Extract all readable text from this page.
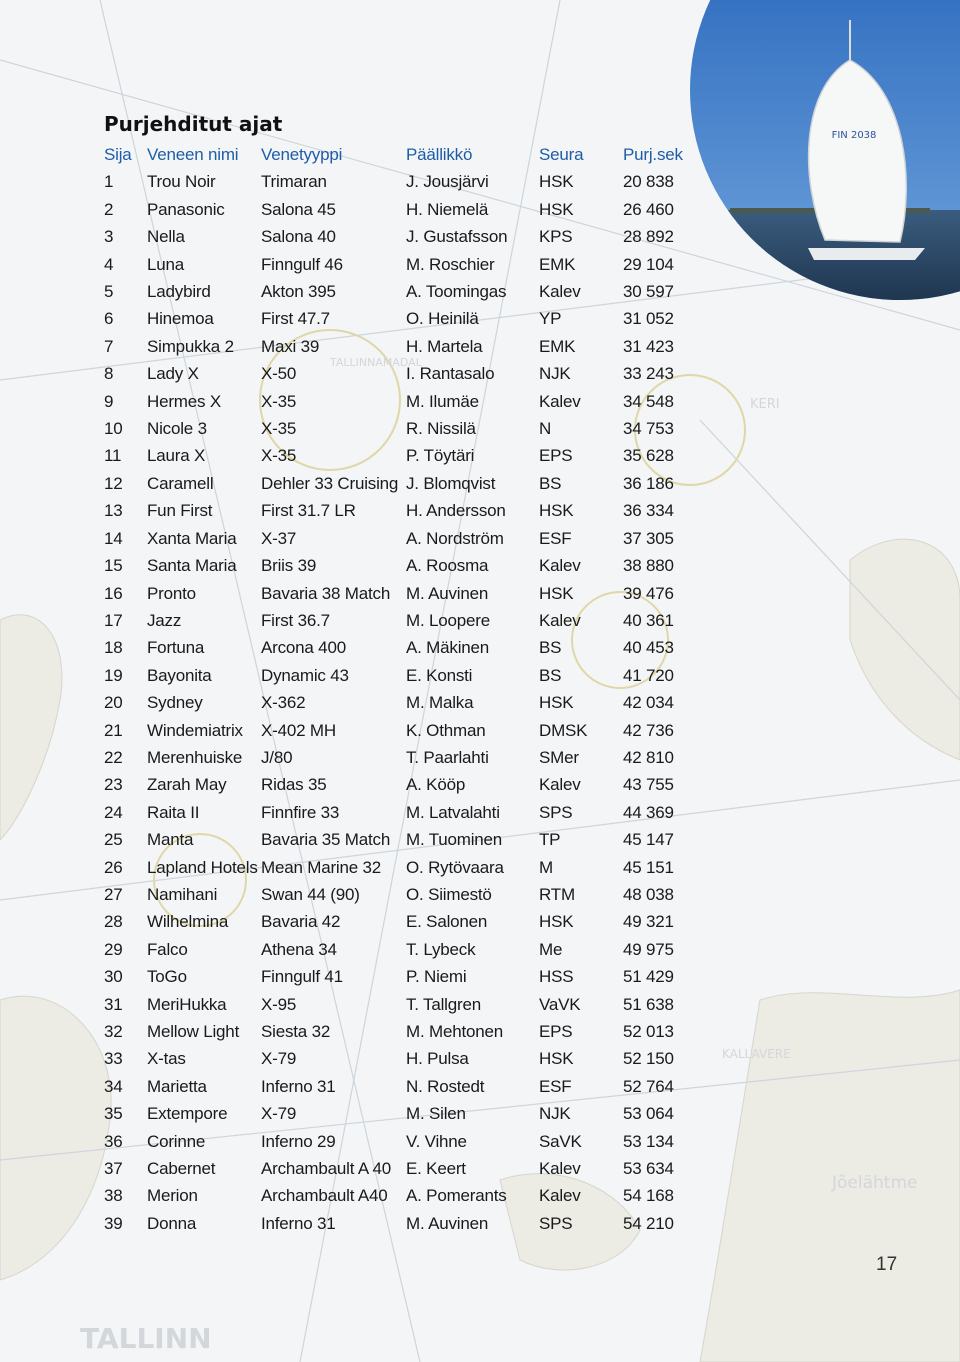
TALLINN
KERI
Jõelähtme
KALLAVERE
TALLINNAMADAL
FIN 2038
Purjehditut ajat
Sija	Veneen nimi	Venetyyppi	Päällikkö	Seura	Purj.sek
1	Trou Noir	Trimaran	J. Jousjärvi	HSK	20 838
2	Panasonic	Salona 45	H. Niemelä	HSK	26 460
3	Nella	Salona 40	J. Gustafsson	KPS	28 892
4	Luna	Finngulf 46	M. Roschier	EMK	29 104
5	Ladybird	Akton 395	A. Toomingas	Kalev	30 597
6	Hinemoa	First 47.7	O. Heinilä	YP	31 052
7	Simpukka 2	Maxi 39	H. Martela	EMK	31 423
8	Lady X	X-50	I. Rantasalo	NJK	33 243
9	Hermes X	X-35	M. Ilumäe	Kalev	34 548
10	Nicole 3	X-35	R. Nissilä	N	34 753
11	Laura X	X-35	P. Töytäri	EPS	35 628
12	Caramell	Dehler 33 Cruising	J. Blomqvist	BS	36 186
13	Fun First	First 31.7 LR	H. Andersson	HSK	36 334
14	Xanta Maria	X-37	A. Nordström	ESF	37 305
15	Santa Maria	Briis 39	A. Roosma	Kalev	38 880
16	Pronto	Bavaria 38 Match	M. Auvinen	HSK	39 476
17	Jazz	First 36.7	M. Loopere	Kalev	40 361
18	Fortuna	Arcona 400	A. Mäkinen	BS	40 453
19	Bayonita	Dynamic 43	E. Konsti	BS	41 720
20	Sydney	X-362	M. Malka	HSK	42 034
21	Windemiatrix	X-402 MH	K. Othman	DMSK	42 736
22	Merenhuiske	J/80	T. Paarlahti	SMer	42 810
23	Zarah May	Ridas 35	A. Kööp	Kalev	43 755
24	Raita II	Finnfire 33	M. Latvalahti	SPS	44 369
25	Manta	Bavaria 35 Match	M. Tuominen	TP	45 147
26	Lapland Hotels	Mean Marine 32	O. Rytövaara	M	45 151
27	Namihani	Swan 44 (90)	O. Siimestö	RTM	48 038
28	Wilhelmina	Bavaria 42	E. Salonen	HSK	49 321
29	Falco	Athena 34	T. Lybeck	Me	49 975
30	ToGo	Finngulf 41	P. Niemi	HSS	51 429
31	MeriHukka	X-95	T. Tallgren	VaVK	51 638
32	Mellow Light	Siesta 32	M. Mehtonen	EPS	52 013
33	X-tas	X-79	H. Pulsa	HSK	52 150
34	Marietta	Inferno 31	N. Rostedt	ESF	52 764
35	Extempore	X-79	M. Silen	NJK	53 064
36	Corinne	Inferno 29	V. Vihne	SaVK	53 134
37	Cabernet	Archambault A 40	E. Keert	Kalev	53 634
38	Merion	Archambault A40	A. Pomerants	Kalev	54 168
39	Donna	Inferno 31	M. Auvinen	SPS	54 210
17
